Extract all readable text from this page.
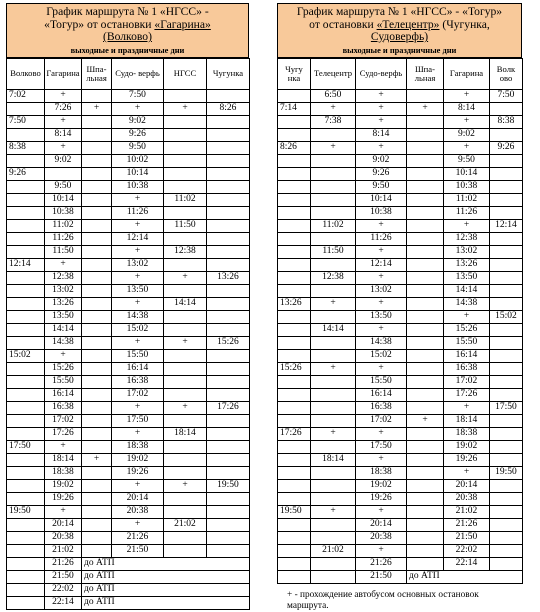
График маршрута № 1 «НГСС» -
«Тогур» от остановки «Гагарина»
(Волково)
выходные и праздничные дни
Волково	Гагарина	Шпа- льная	Судо- верфь	НГСС	Чугунка
7:02	+		7:50		
	7:26	+	+	+	8:26
7:50	+		9:02		
	8:14		9:26		
8:38	+		9:50		
	9:02		10:02		
9:26			10:14		
	9:50		10:38		
	10:14		+	11:02	
	10:38		11:26		
	11:02		+	11:50	
	11:26		12:14		
	11:50		+	12:38	
12:14	+		13:02		
	12:38		+	+	13:26
	13:02		13:50		
	13:26		+	14:14	
	13:50		14:38		
	14:14		15:02		
	14:38		+	+	15:26
15:02	+		15:50		
	15:26		16:14		
	15:50		16:38		
	16:14		17:02		
	16:38		+	+	17:26
	17:02		17:50		
	17:26		+	18:14	
17:50	+		18:38		
	18:14	+	19:02		
	18:38		19:26		
	19:02		+	+	19:50
	19:26		20:14		
19:50	+		20:38		
	20:14		+	21:02	
	20:38		21:26		
	21:02		21:50		
	21:26	до АТП			
	21:50	до АТП			
	22:02	до АТП			
	22:14	до АТП			
График маршрута № 1 «НГСС» - «Тогур»
от остановки «Телецентр» (Чугунка,
Судоверфь)
выходные и праздничные дни
Чугу нка	Телецентр	Судо-верфь	Шпа- льная	Гагарина	Волк ово
	6:50	+		+	7:50
7:14	+	+	+	8:14	
	7:38	+		+	8:38
		8:14		9:02	
8:26	+	+		+	9:26
		9:02		9:50	
		9:26		10:14	
		9:50		10:38	
		10:14		11:02	
		10:38		11:26	
	11:02	+		+	12:14
		11:26		12:38	
	11:50	+		13:02	
		12:14		13:26	
	12:38	+		13:50	
		13:02		14:14	
13:26	+	+		14:38	
		13:50		+	15:02
	14:14	+		15:26	
		14:38		15:50	
		15:02		16:14	
15:26	+	+		16:38	
		15:50		17:02	
		16:14		17:26	
		16:38		+	17:50
		17:02	+	18:14	
17:26	+	+		18:38	
		17:50		19:02	
	18:14	+		19:26	
		18:38		+	19:50
		19:02		20:14	
		19:26		20:38	
19:50	+	+		21:02	
		20:14		21:26	
		20:38		21:50	
	21:02	+		22:02	
		21:26		22:14	
		21:50	до АТП		
+ - прохождение автобусом основных остановок
маршрута.
